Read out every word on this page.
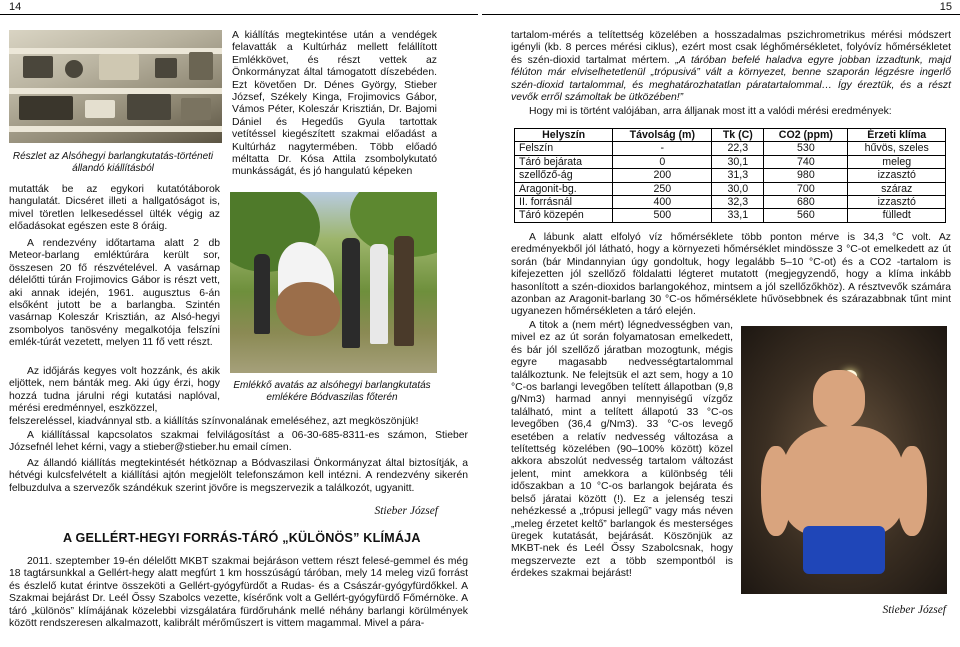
14

Részlet az Alsóhegyi barlangkutatás-történeti állandó kiállításból

mutatták be az egykori kutatótáborok hangulatát. Dicséret illeti a hallgatóságot is, mivel töretlen lelkesedéssel ülték végig az előadásokat egészen este 8 óráig.

A rendezvény időtartama alatt 2 db Meteor-barlang emléktúrára került sor, összesen 20 fő részvételével. A vasárnap délelőtti túrán Frojimovics Gábor is részt vett, aki annak idején, 1961. augusztus 6-án elsőként jutott be a barlangba. Szintén vasárnap Koleszár Krisztián, az Alsó-hegyi zsombolyos tanösvény megalkotója felszíni emlék-túrát vezetett, melyen 11 fő vett részt.

Az időjárás kegyes volt hozzánk, és akik eljöttek, nem bánták meg. Aki úgy érzi, hogy hozzá tudna járulni régi kutatási naplóval, mérési eredménnyel, eszközzel,

A kiállítás megtekintése után a vendégek felavatták a Kultúrház mellett felállított Emlékkövet, és részt vettek az Önkormányzat által támogatott díszebéden. Ezt követően Dr. Dénes György, Stieber József, Székely Kinga, Frojimovics Gábor, Vámos Péter, Koleszár Krisztián, Dr. Bajomi Dániel és Hegedűs Gyula tartottak vetítéssel kiegészített szakmai előadást a Kultúrház nagytermében. Több előadó méltatta Dr. Kósa Attila zsombolykutató munkásságát, és jó hangulatú képeken

Emlékkő avatás az alsóhegyi barlangkutatás emlékére Bódvaszilas főterén

felszereléssel, kiadvánnyal stb. a kiállítás színvonalának emeléséhez, azt megköszönjük!

A kiállítással kapcsolatos szakmai felvilágosítást a 06-30-685-8311-es számon, Stieber Józsefnél lehet kérni, vagy a stieber@stieber.hu email címen.

Az állandó kiállítás megtekintését hétköznap a Bódvaszilasi Önkormányzat által biztosítják, a hétvégi kulcsfelvételt a kiállítási ajtón megjelölt telefonszámon kell intézni. A rendezvény sikerén felbuzdulva a szervezők szándékuk szerint jövőre is megszervezik a találkozót, ugyanitt.

Stieber József
A GELLÉRT-HEGYI FORRÁS-TÁRÓ „KÜLÖNÖS” KLÍMÁJA

2011. szeptember 19-én délelőtt MKBT szakmai bejáráson vettem részt felesé-gemmel és még 18 tagtársunkkal a Gellért-hegy alatt megfúrt 1 km hosszúságú táróban, mely 14 meleg vizű forrást és észlelő kutat érintve összeköti a Gellért-gyógyfürdőt a Rudas- és a Császár-gyógyfürdőkkel. A Szakmai bejárást Dr. Leél Őssy Szabolcs vezette, kísérőnk volt a Gellért-gyógyfürdő Főmérnöke. A táró „különös” klímájának közelebbi vizsgálatára fürdőruhánk mellé néhány barlangi körülmények között rendszeresen alkalmazott, kalibrált mérőműszert is vittem magammal. Mivel a pára-

15

tartalom-mérés a telítettség közelében a hosszadalmas pszichrometrikus mérési módszert igényli (kb. 8 perces mérési ciklus), ezért most csak léghőmérsékletet, folyóvíz hőmérsékletet és szén-dioxid tartalmat mértem. „A táróban befelé haladva egyre jobban izzadtunk, majd félúton már elviselhetetlenül „trópusivá” vált a környezet, benne szaporán légzésre ingerlő szén-dioxid tartalommal, és meghatározhatatlan páratartalommal… Így éreztük, és a részt vevők erről számoltak be ütközében!”

Hogy mi is történt valójában, arra álljanak most itt a valódi mérési eredmények:

Helyszín	Távolság (m)	Tk (C)	CO2 (ppm)	Érzeti klíma
Felszín	-	22,3	530	hűvös, szeles
Táró bejárata	0	30,1	740	meleg
szellőző-ág	200	31,3	980	izzasztó
Aragonit-bg.	250	30,0	700	száraz
II. forrásnál	400	32,3	680	izzasztó
Táró közepén	500	33,1	560	fülledt

A lábunk alatt elfolyó víz hőmérséklete több ponton mérve is 34,3 °C volt. Az eredményekből jól látható, hogy a környezeti hőmérséklet mindössze 3 °C-ot emelkedett az út során (bár Mindannyian úgy gondoltuk, hogy legalább 5–10 °C-ot) és a CO2 -tartalom is kifejezetten jól szellőző földalatti légteret mutatott (megjegyzendő, hogy a klíma inkább hasonlított a szén-dioxidos barlangokéhoz, mintsem a jól szellőzőkhöz). A résztvevők számára azonban az Aragonit-barlang 30 °C-os hőmérséklete hűvösebbnek és szárazabbnak tűnt mint ugyanezen hőmérsékleten a táró elején.

A titok a (nem mért) légnedvességben van, mivel ez az út során folyamatosan emelkedett, és bár jól szellőző járatban mozogtunk, mégis egyre magasabb nedvességtartalommal találkoztunk. Ne felejtsük el azt sem, hogy a 10 °C-os barlangi levegőben telített állapotban (9,8 g/Nm3) harmad annyi mennyiségű vízgőz található, mint a telített állapotú 33 °C-os levegőben (36,4 g/Nm3). 33 °C-os levegő esetében a relatív nedvesség változása a telítettség közelében (90–100% között) közel akkora abszolút nedvesség tartalom változást jelent, mint amekkora a különbség téli időszakban a 10 °C-os barlangok bejárata és belső járatai között (!). Ez a jelenség teszi nehézkessé a „trópusi jellegű” vagy más néven „meleg érzetet keltő” barlangok és mesterséges üregek kutatását, bejárását. Köszönjük az MKBT-nek és Leél Őssy Szabolcsnak, hogy megszervezte ezt a több szempontból is érdekes szakmai bejárást!

Stieber József
